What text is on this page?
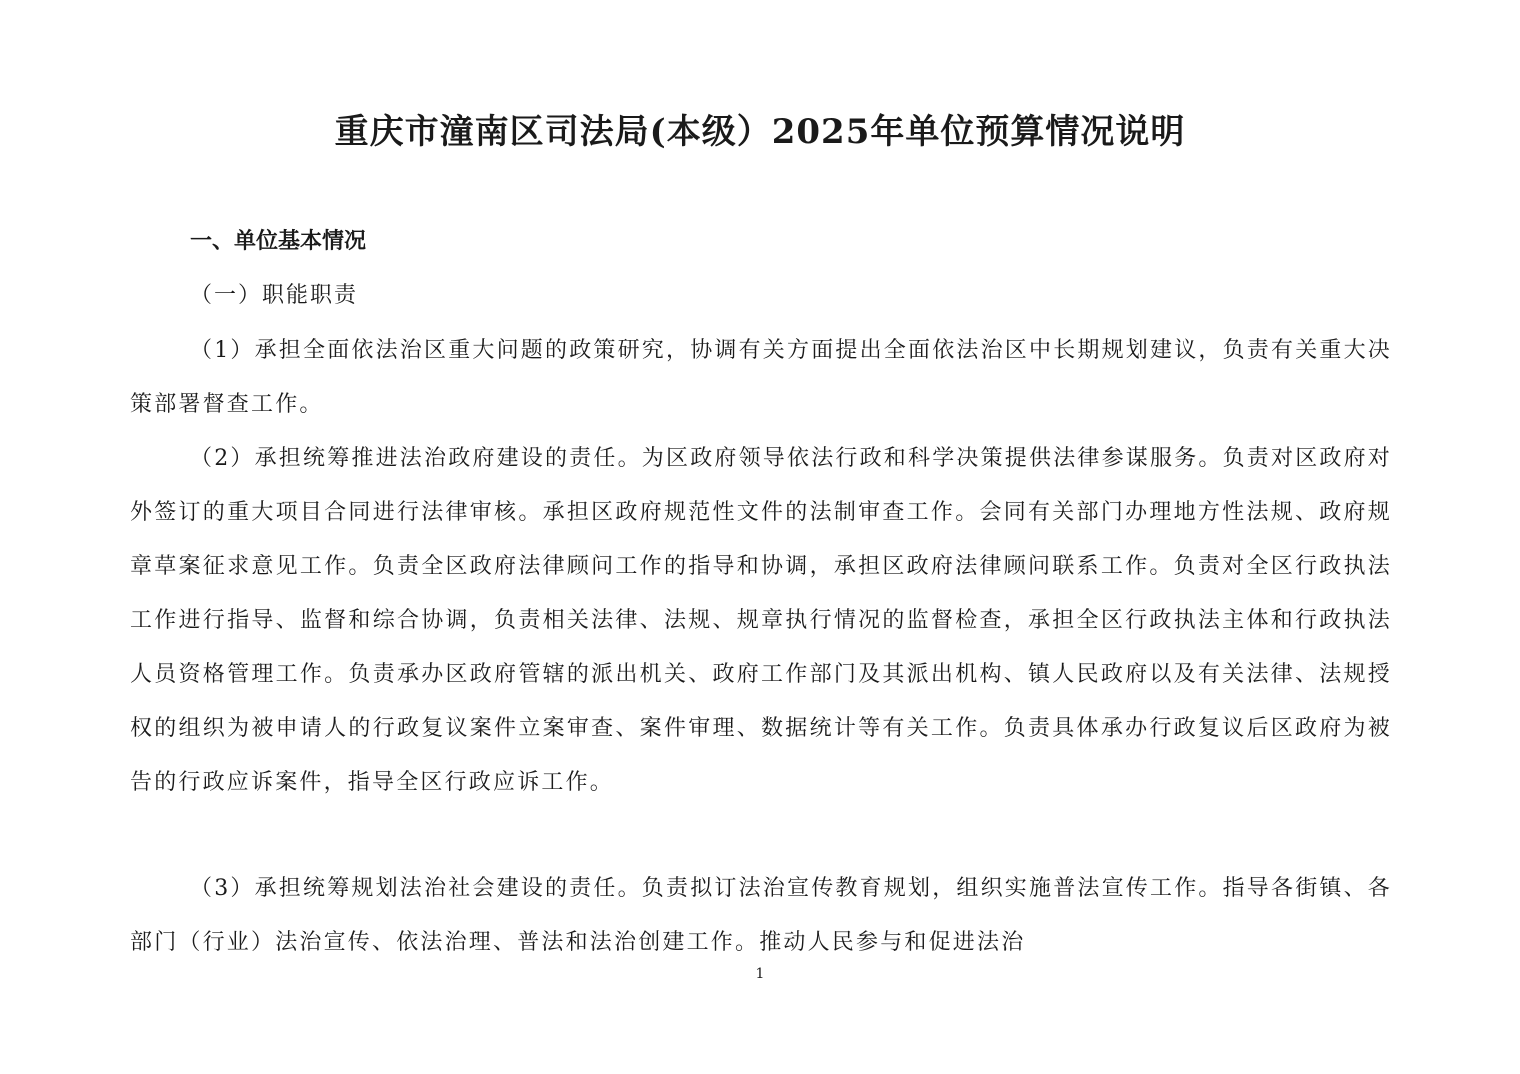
重庆市潼南区司法局(本级）2025年单位预算情况说明
一、单位基本情况
（一）职能职责
（1）承担全面依法治区重大问题的政策研究，协调有关方面提出全面依法治区中长期规划建议，负责有关重大决策部署督查工作。
（2）承担统筹推进法治政府建设的责任。为区政府领导依法行政和科学决策提供法律参谋服务。负责对区政府对外签订的重大项目合同进行法律审核。承担区政府规范性文件的法制审查工作。会同有关部门办理地方性法规、政府规章草案征求意见工作。负责全区政府法律顾问工作的指导和协调，承担区政府法律顾问联系工作。负责对全区行政执法工作进行指导、监督和综合协调，负责相关法律、法规、规章执行情况的监督检查，承担全区行政执法主体和行政执法人员资格管理工作。负责承办区政府管辖的派出机关、政府工作部门及其派出机构、镇人民政府以及有关法律、法规授权的组织为被申请人的行政复议案件立案审查、案件审理、数据统计等有关工作。负责具体承办行政复议后区政府为被告的行政应诉案件，指导全区行政应诉工作。
（3）承担统筹规划法治社会建设的责任。负责拟订法治宣传教育规划，组织实施普法宣传工作。指导各街镇、各部门（行业）法治宣传、依法治理、普法和法治创建工作。推动人民参与和促进法治
1
